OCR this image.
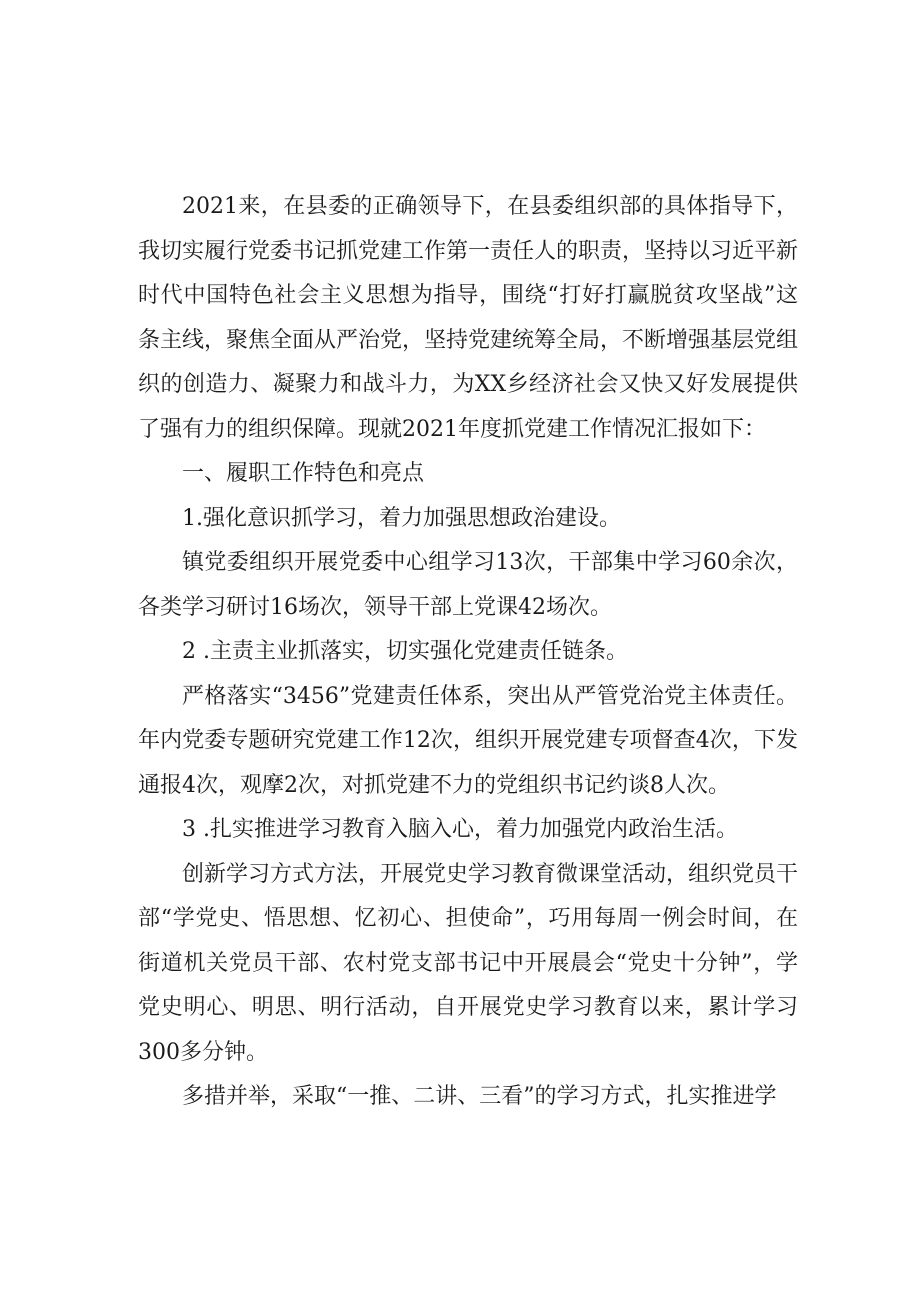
2021来，在县委的正确领导下，在县委组织部的具体指导下，我切实履行党委书记抓党建工作第一责任人的职责，坚持以习近平新时代中国特色社会主义思想为指导，围绕“打好打赢脱贫攻坚战”这条主线，聚焦全面从严治党，坚持党建统筹全局，不断增强基层党组织的创造力、凝聚力和战斗力，为XX乡经济社会又快又好发展提供了强有力的组织保障。现就2021年度抓党建工作情况汇报如下：

一、履职工作特色和亮点

1.强化意识抓学习，着力加强思想政治建设。

镇党委组织开展党委中心组学习13次，干部集中学习60余次，各类学习研讨16场次，领导干部上党课42场次。

2 .主责主业抓落实，切实强化党建责任链条。

严格落实“3456”党建责任体系，突出从严管党治党主体责任。年内党委专题研究党建工作12次，组织开展党建专项督查4次，下发通报4次，观摩2次，对抓党建不力的党组织书记约谈8人次。

3 .扎实推进学习教育入脑入心，着力加强党内政治生活。

创新学习方式方法，开展党史学习教育微课堂活动，组织党员干部“学党史、悟思想、忆初心、担使命”，巧用每周一例会时间，在街道机关党员干部、农村党支部书记中开展晨会“党史十分钟”，学党史明心、明思、明行活动，自开展党史学习教育以来，累计学习300多分钟。

多措并举，采取“一推、二讲、三看”的学习方式，扎实推进学
